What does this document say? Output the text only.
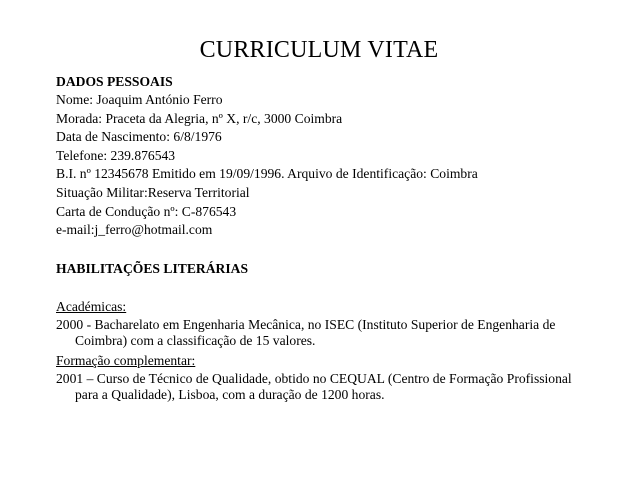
CURRICULUM VITAE
DADOS PESSOAIS
Nome: Joaquim António Ferro
Morada: Praceta da Alegria, nº X, r/c, 3000 Coimbra
Data de Nascimento: 6/8/1976
Telefone: 239.876543
B.I. nº 12345678 Emitido em 19/09/1996. Arquivo de Identificação: Coimbra
Situação Militar:Reserva Territorial
Carta de Condução nº: C-876543
e-mail:j_ferro@hotmail.com
HABILITAÇÕES LITERÁRIAS
Académicas:
2000 - Bacharelato em Engenharia Mecânica, no ISEC (Instituto Superior de Engenharia de Coimbra) com a classificação de 15 valores.
Formação complementar:
2001 – Curso de Técnico de Qualidade, obtido no CEQUAL (Centro de Formação Profissional para a Qualidade), Lisboa, com a duração de 1200 horas.
